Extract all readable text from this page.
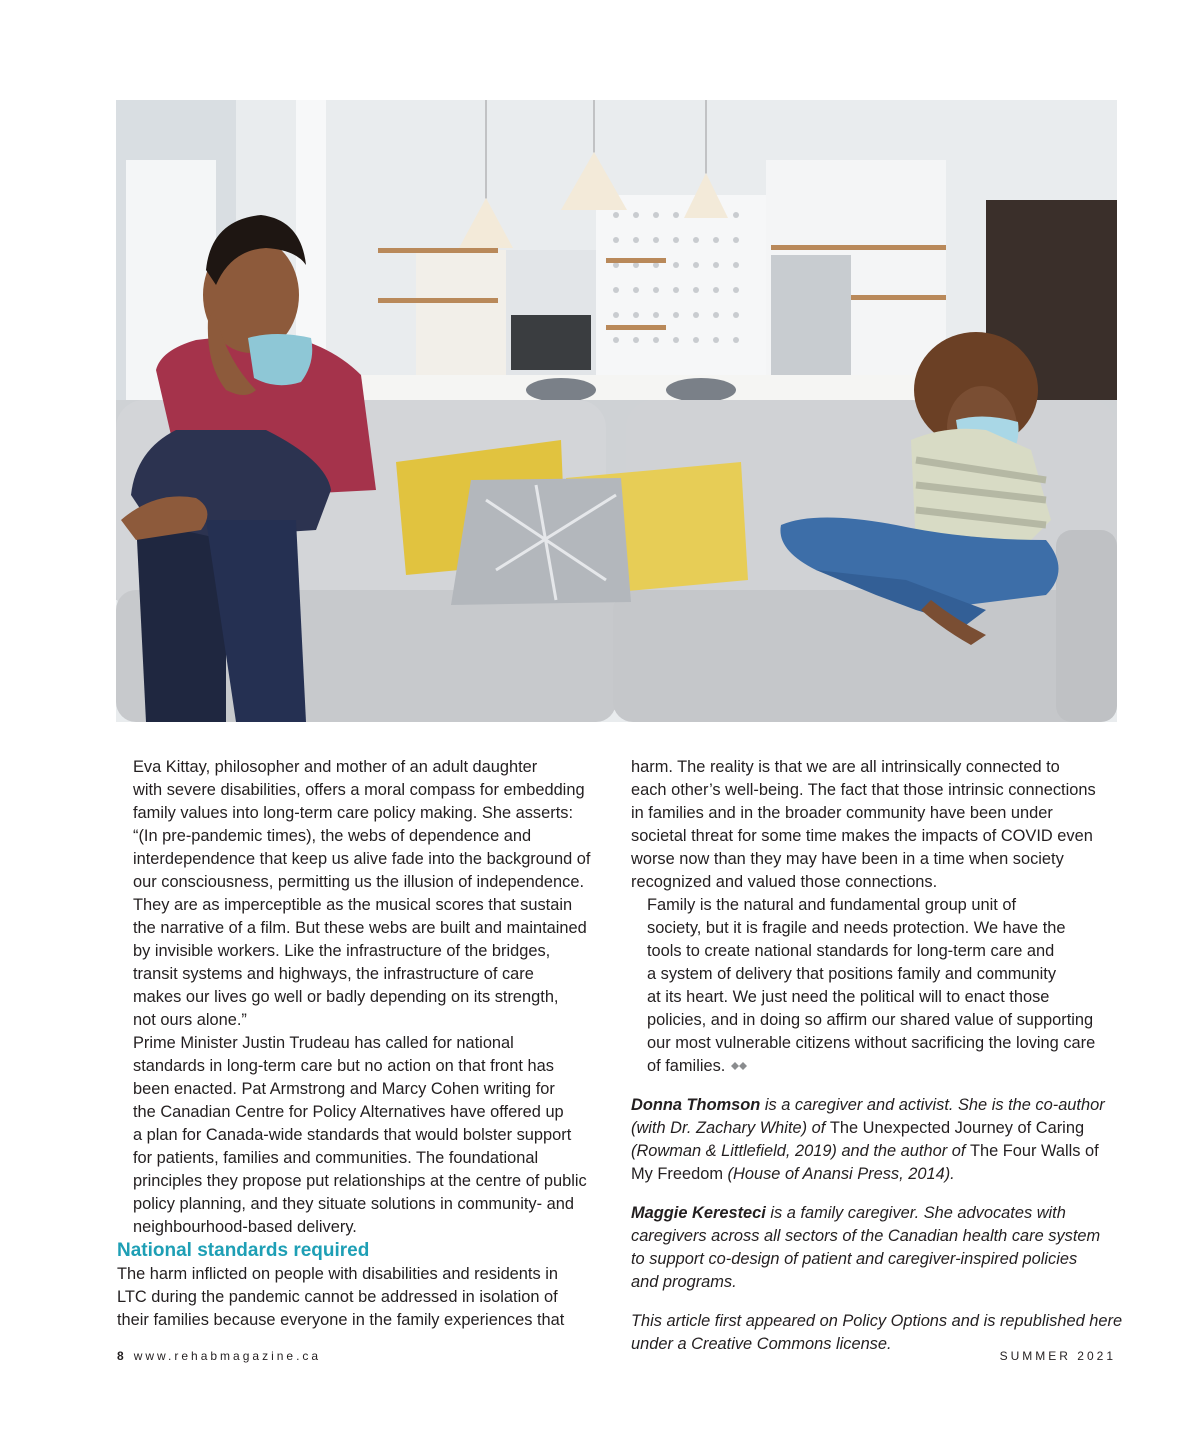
Eva Kittay, philosopher and mother of an adult daughter
with severe disabilities, offers a moral compass for embedding
family values into long-term care policy making. She asserts:
“(In pre-pandemic times), the webs of dependence and
interdependence that keep us alive fade into the background of
our consciousness, permitting us the illusion of independence.
They are as imperceptible as the musical scores that sustain
the narrative of a film. But these webs are built and maintained
by invisible workers. Like the infrastructure of the bridges,
transit systems and highways, the infrastructure of care
makes our lives go well or badly depending on its strength,
not ours alone.”

Prime Minister Justin Trudeau has called for national
standards in long-term care but no action on that front has
been enacted. Pat Armstrong and Marcy Cohen writing for
the Canadian Centre for Policy Alternatives have offered up
a plan for Canada-wide standards that would bolster support
for patients, families and communities. The foundational
principles they propose put relationships at the centre of public
policy planning, and they situate solutions in community- and
neighbourhood-based delivery.

National standards required

The harm inflicted on people with disabilities and residents in
LTC during the pandemic cannot be addressed in isolation of
their families because everyone in the family experiences that

harm. The reality is that we are all intrinsically connected to
each other’s well-being. The fact that those intrinsic connections
in families and in the broader community have been under
societal threat for some time makes the impacts of COVID even
worse now than they may have been in a time when society
recognized and valued those connections.

Family is the natural and fundamental group unit of
society, but it is fragile and needs protection. We have the
tools to create national standards for long-term care and
a system of delivery that positions family and community
at its heart. We just need the political will to enact those
policies, and in doing so affirm our shared value of supporting
our most vulnerable citizens without sacrificing the loving care
of families.

Donna Thomson is a caregiver and activist. She is the co-author
(with Dr. Zachary White) of The Unexpected Journey of Caring
(Rowman & Littlefield, 2019) and the author of The Four Walls of
My Freedom (House of Anansi Press, 2014).

Maggie Keresteci is a family caregiver. She advocates with
caregivers across all sectors of the Canadian health care system
to support co-design of patient and caregiver-inspired policies
and programs.

This article first appeared on Policy Options and is republished here
under a Creative Commons license.

8 www.rehabmagazine.ca	SUMMER 2021
